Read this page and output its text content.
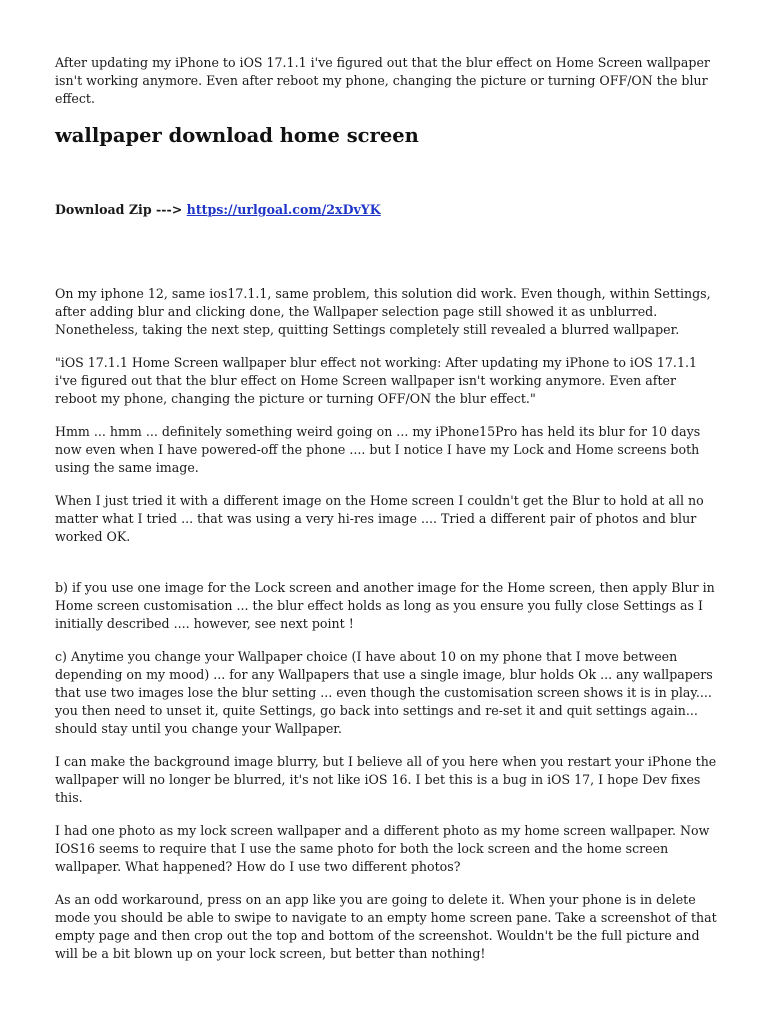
After updating my iPhone to iOS 17.1.1 i've figured out that the blur effect on Home Screen wallpaper isn't working anymore. Even after reboot my phone, changing the picture or turning OFF/ON the blur effect.

wallpaper download home screen

Download Zip ---> https://urlgoal.com/2xDvYK

On my iphone 12, same ios17.1.1, same problem, this solution did work. Even though, within Settings, after adding blur and clicking done, the Wallpaper selection page still showed it as unblurred. Nonetheless, taking the next step, quitting Settings completely still revealed a blurred wallpaper.

"iOS 17.1.1 Home Screen wallpaper blur effect not working: After updating my iPhone to iOS 17.1.1 i've figured out that the blur effect on Home Screen wallpaper isn't working anymore. Even after reboot my phone, changing the picture or turning OFF/ON the blur effect."

Hmm ... hmm ... definitely something weird going on ... my iPhone15Pro has held its blur for 10 days now even when I have powered-off the phone .... but I notice I have my Lock and Home screens both using the same image.

When I just tried it with a different image on the Home screen I couldn't get the Blur to hold at all no matter what I tried ... that was using a very hi-res image .... Tried a different pair of photos and blur worked OK.

b) if you use one image for the Lock screen and another image for the Home screen, then apply Blur in Home screen customisation ... the blur effect holds as long as you ensure you fully close Settings as I initially described .... however, see next point !

c) Anytime you change your Wallpaper choice (I have about 10 on my phone that I move between depending on my mood) ... for any Wallpapers that use a single image, blur holds Ok ... any wallpapers that use two images lose the blur setting ... even though the customisation screen shows it is in play.... you then need to unset it, quite Settings, go back into settings and re-set it and quit settings again... should stay until you change your Wallpaper.

I can make the background image blurry, but I believe all of you here when you restart your iPhone the wallpaper will no longer be blurred, it's not like iOS 16. I bet this is a bug in iOS 17, I hope Dev fixes this.

I had one photo as my lock screen wallpaper and a different photo as my home screen wallpaper. Now IOS16 seems to require that I use the same photo for both the lock screen and the home screen wallpaper. What happened? How do I use two different photos?

As an odd workaround, press on an app like you are going to delete it. When your phone is in delete mode you should be able to swipe to navigate to an empty home screen pane. Take a screenshot of that empty page and then crop out the top and bottom of the screenshot. Wouldn't be the full picture and will be a bit blown up on your lock screen, but better than nothing!
